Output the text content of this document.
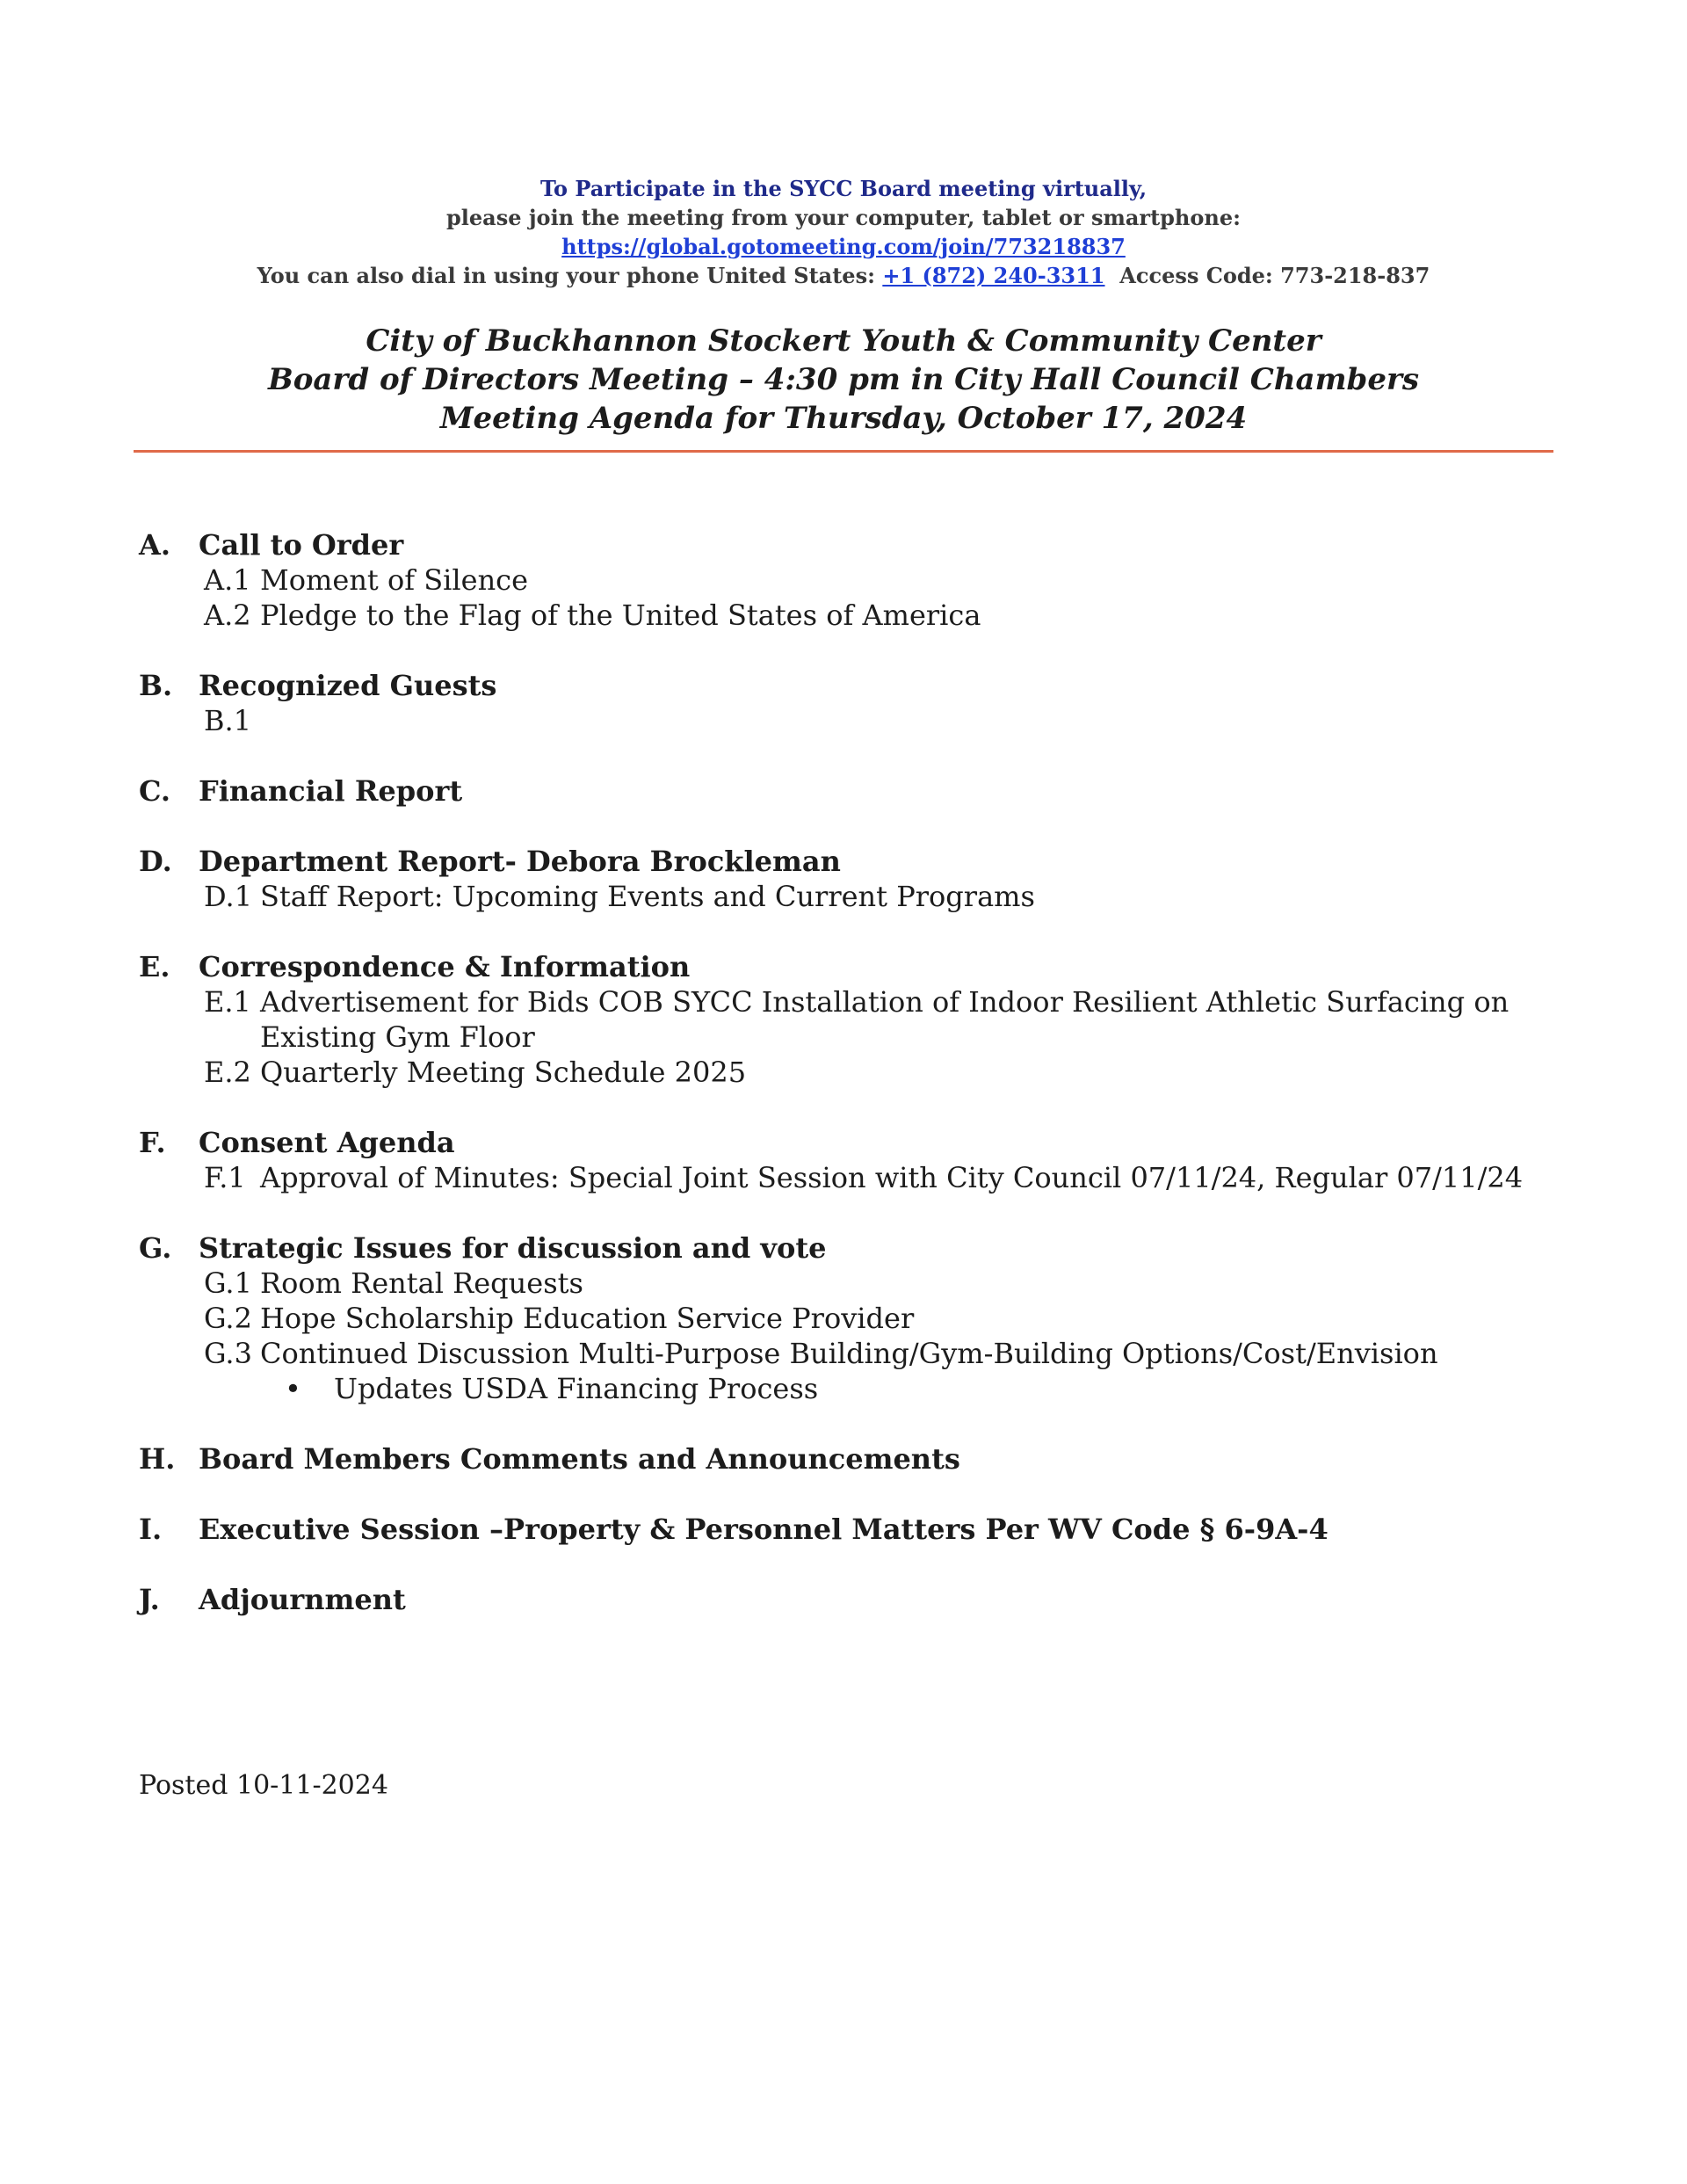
To Participate in the SYCC Board meeting virtually,
please join the meeting from your computer, tablet or smartphone:
https://global.gotomeeting.com/join/773218837
You can also dial in using your phone United States: +1 (872) 240-3311 Access Code: 773-218-837
City of Buckhannon Stockert Youth & Community Center
Board of Directors Meeting – 4:30 pm in City Hall Council Chambers
Meeting Agenda for Thursday, October 17, 2024
A.	Call to Order
A.1 Moment of Silence
A.2 Pledge to the Flag of the United States of America
B. Recognized Guests
B.1
C. Financial Report
D. Department Report- Debora Brockleman
D.1 Staff Report: Upcoming Events and Current Programs
E.	Correspondence & Information
E.1 Advertisement for Bids COB SYCC Installation of Indoor Resilient Athletic Surfacing on Existing Gym Floor
E.2 Quarterly Meeting Schedule 2025
F.	Consent Agenda
F.1 Approval of Minutes: Special Joint Session with City Council 07/11/24, Regular 07/11/24
G. Strategic Issues for discussion and vote
G.1 Room Rental Requests
G.2 Hope Scholarship Education Service Provider
G.3 Continued Discussion Multi-Purpose Building/Gym-Building Options/Cost/Envision
•	Updates USDA Financing Process
H. Board Members Comments and Announcements
I.	Executive Session –Property & Personnel Matters Per WV Code § 6-9A-4
J.	Adjournment
Posted 10-11-2024
